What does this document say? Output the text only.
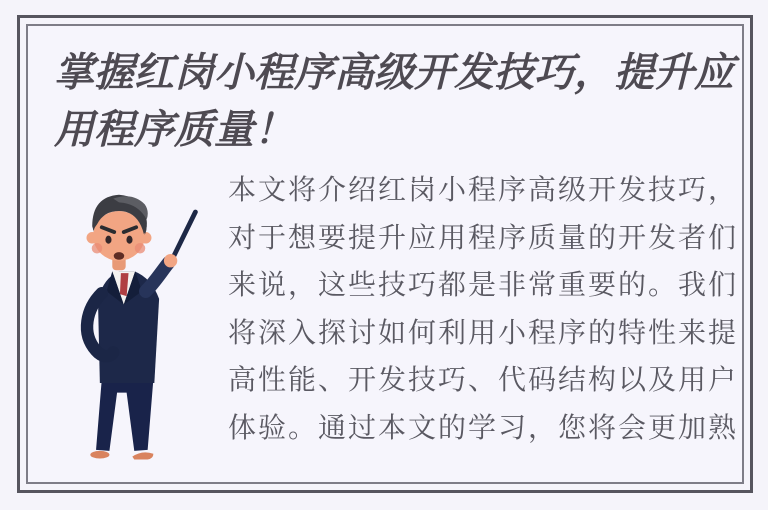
掌握红岗小程序高级开发技巧，提升应
用程序质量！
本文将介绍红岗小程序高级开发技巧，
对于想要提升应用程序质量的开发者们
来说，这些技巧都是非常重要的。我们
将深入探讨如何利用小程序的特性来提
高性能、开发技巧、代码结构以及用户
体验。通过本文的学习，您将会更加熟
